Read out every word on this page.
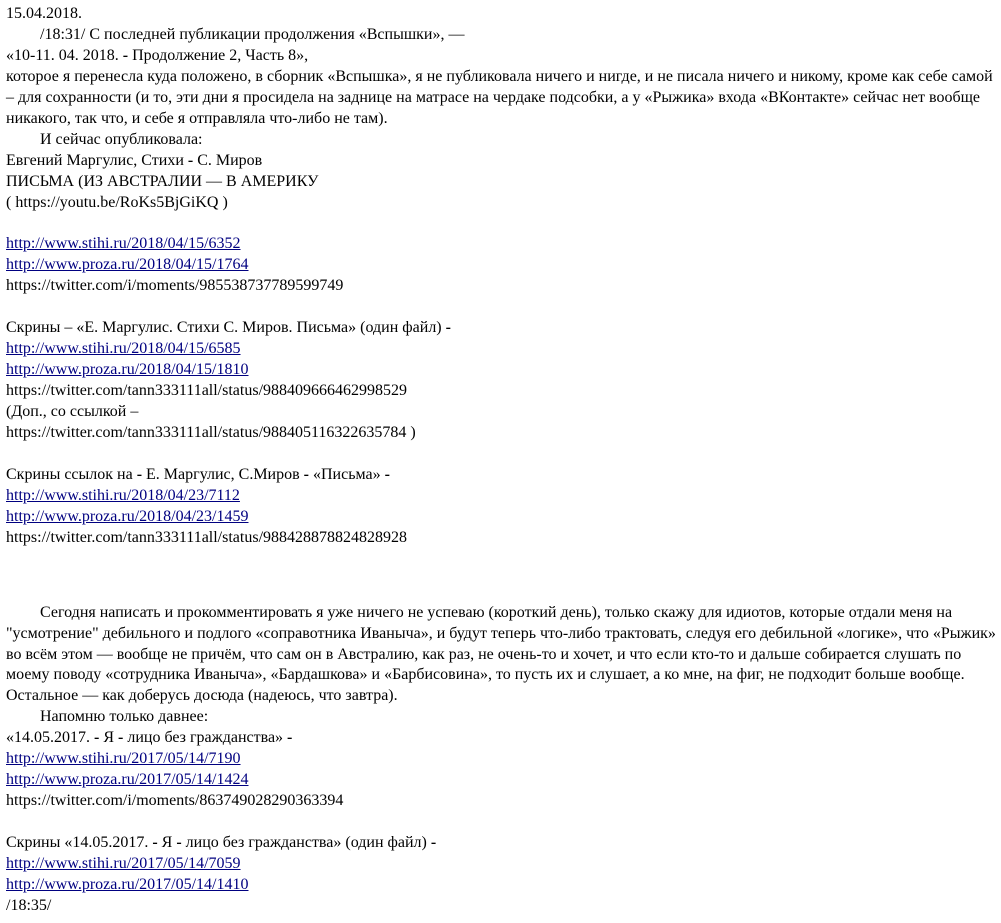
15.04.2018.

/18:31/ С последней публикации продолжения «Вспышки», —

«10-11. 04. 2018. - Продолжение 2, Часть 8»,

которое я перенесла куда положено, в сборник «Вспышка», я не публиковала ничего и нигде, и не писала ничего и никому, кроме как себе самой – для сохранности (и то, эти дни я просидела на заднице на матрасе на чердаке подсобки, а у «Рыжика» входа «ВКонтакте» сейчас нет вообще никакого, так что, и себе я отправляла что-либо не там).

И сейчас опубликовала:

Евгений Маргулис, Стихи - С. Миров

ПИСЬМА (ИЗ АВСТРАЛИИ — В АМЕРИКУ

( https://youtu.be/RoKs5BjGiKQ )

http://www.stihi.ru/2018/04/15/6352

http://www.proza.ru/2018/04/15/1764

https://twitter.com/i/moments/985538737789599749

Скрины – «Е. Маргулис. Стихи С. Миров. Письма» (один файл) -

http://www.stihi.ru/2018/04/15/6585

http://www.proza.ru/2018/04/15/1810

https://twitter.com/tann333111all/status/988409666462998529

(Доп., со ссылкой –

https://twitter.com/tann333111all/status/988405116322635784 )

Скрины ссылок на - Е. Маргулис, С.Миров - «Письма» -

http://www.stihi.ru/2018/04/23/7112

http://www.proza.ru/2018/04/23/1459

https://twitter.com/tann333111all/status/988428878824828928

Сегодня написать и прокомментировать я уже ничего не успеваю (короткий день), только скажу для идиотов, которые отдали меня на "усмотрение" дебильного и подлого «соправотника Иваныча», и будут теперь что-либо трактовать, следуя его дебильной «логике», что «Рыжик» во всём этом — вообще не причём, что сам он в Австралию, как раз, не очень-то и хочет, и что если кто-то и дальше собирается слушать по моему поводу «сотрудника Иваныча», «Бардашкова» и «Барбисовина», то пусть их и слушает, а ко мне, на фиг, не подходит больше вообще. Остальное — как доберусь досюда (надеюсь, что завтра).

Напомню только давнее:

«14.05.2017. - Я - лицо без гражданства» -

http://www.stihi.ru/2017/05/14/7190

http://www.proza.ru/2017/05/14/1424

https://twitter.com/i/moments/863749028290363394

Скрины «14.05.2017. - Я - лицо без гражданства» (один файл) -

http://www.stihi.ru/2017/05/14/7059

http://www.proza.ru/2017/05/14/1410

/18:35/
